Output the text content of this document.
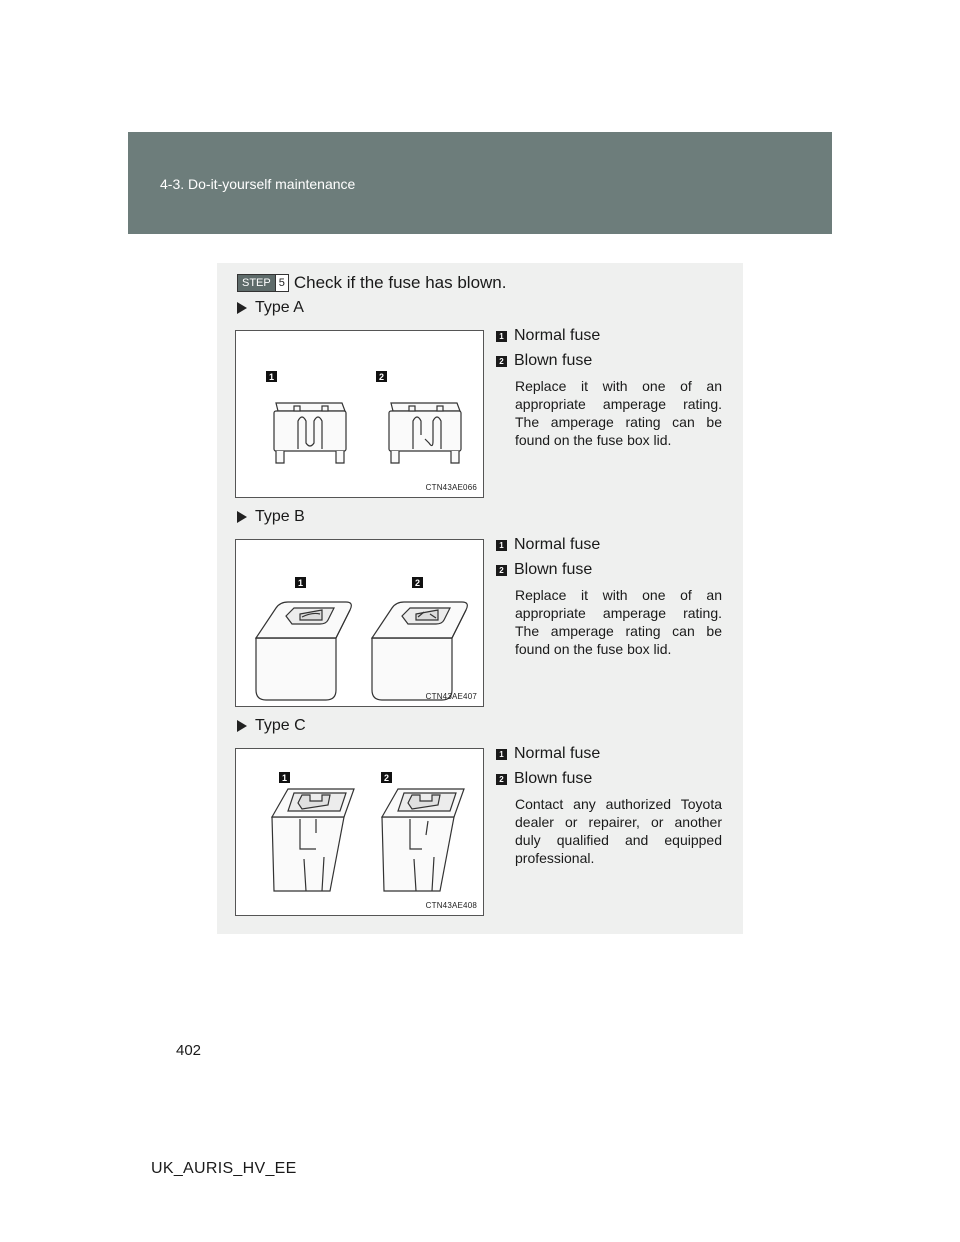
4-3. Do-it-yourself maintenance
STEP 5 Check if the fuse has blown.
Type A
1	2
CTN43AE066
1 Normal fuse
2 Blown fuse
Replace it with one of an appropriate amperage rating. The amperage rating can be found on the fuse box lid.
Type B
1	2
CTN43AE407
1 Normal fuse
2 Blown fuse
Replace it with one of an appropriate amperage rating. The amperage rating can be found on the fuse box lid.
Type C
1	2
CTN43AE408
1 Normal fuse
2 Blown fuse
Contact any authorized Toyota dealer or repairer, or another duly qualified and equipped professional.
402
UK_AURIS_HV_EE
